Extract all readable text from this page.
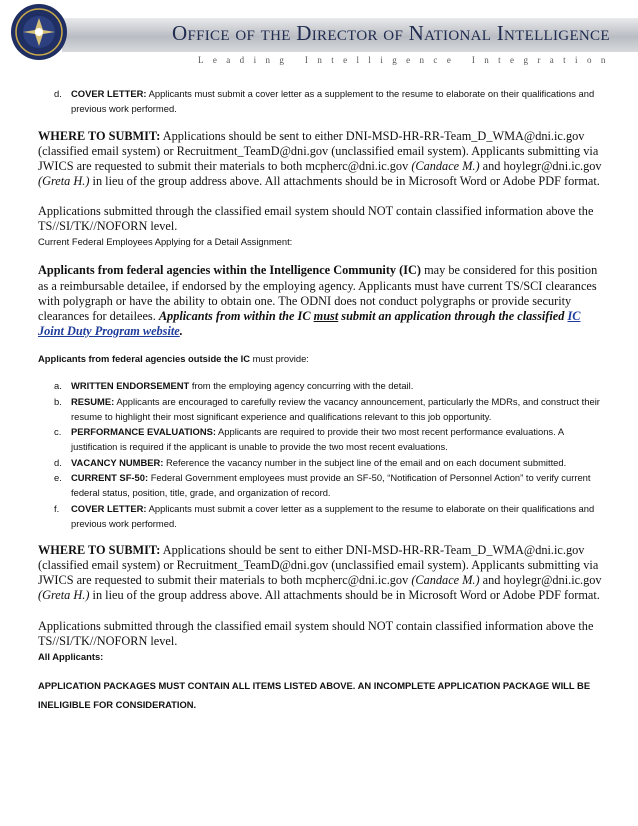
Office of the Director of National Intelligence
Leading Intelligence Integration
d. COVER LETTER: Applicants must submit a cover letter as a supplement to the resume to elaborate on their qualifications and previous work performed.

WHERE TO SUBMIT: Applications should be sent to either DNI-MSD-HR-RR-Team_D_WMA@dni.ic.gov (classified email system) or Recruitment_TeamD@dni.gov (unclassified email system). Applicants submitting via JWICS are requested to submit their materials to both mcpherc@dni.ic.gov (Candace M.) and hoylegr@dni.ic.gov (Greta H.) in lieu of the group address above. All attachments should be in Microsoft Word or Adobe PDF format.

Applications submitted through the classified email system should NOT contain classified information above the TS//SI/TK//NOFORN level.

Current Federal Employees Applying for a Detail Assignment:

Applicants from federal agencies within the Intelligence Community (IC) may be considered for this position as a reimbursable detailee, if endorsed by the employing agency. Applicants must have current TS/SCI clearances with polygraph or have the ability to obtain one. The ODNI does not conduct polygraphs or provide security clearances for detailees. Applicants from within the IC must submit an application through the classified IC Joint Duty Program website.

Applicants from federal agencies outside the IC must provide:

a. WRITTEN ENDORSEMENT from the employing agency concurring with the detail.
b. RESUME: Applicants are encouraged to carefully review the vacancy announcement, particularly the MDRs, and construct their resume to highlight their most significant experience and qualifications relevant to this job opportunity.
c. PERFORMANCE EVALUATIONS: Applicants are required to provide their two most recent performance evaluations. A justification is required if the applicant is unable to provide the two most recent evaluations.
d. VACANCY NUMBER: Reference the vacancy number in the subject line of the email and on each document submitted.
e. CURRENT SF-50: Federal Government employees must provide an SF-50, “Notification of Personnel Action” to verify current federal status, position, title, grade, and organization of record.
f. COVER LETTER: Applicants must submit a cover letter as a supplement to the resume to elaborate on their qualifications and previous work performed.

WHERE TO SUBMIT: Applications should be sent to either DNI-MSD-HR-RR-Team_D_WMA@dni.ic.gov (classified email system) or Recruitment_TeamD@dni.gov (unclassified email system). Applicants submitting via JWICS are requested to submit their materials to both mcpherc@dni.ic.gov (Candace M.) and hoylegr@dni.ic.gov (Greta H.) in lieu of the group address above. All attachments should be in Microsoft Word or Adobe PDF format.

Applications submitted through the classified email system should NOT contain classified information above the TS//SI/TK//NOFORN level.

All Applicants:

APPLICATION PACKAGES MUST CONTAIN ALL ITEMS LISTED ABOVE. AN INCOMPLETE APPLICATION PACKAGE WILL BE INELIGIBLE FOR CONSIDERATION.
